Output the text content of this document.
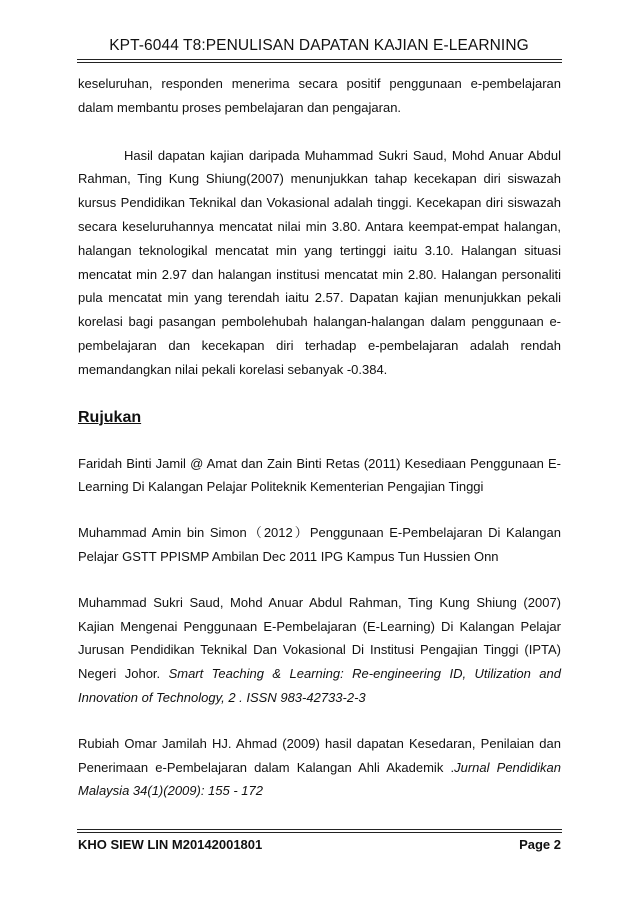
KPT-6044 T8:PENULISAN DAPATAN KAJIAN E-LEARNING

keseluruhan, responden menerima secara positif penggunaan e-pembelajaran dalam membantu proses pembelajaran dan pengajaran.

Hasil dapatan kajian daripada Muhammad Sukri Saud, Mohd Anuar Abdul Rahman, Ting Kung Shiung(2007) menunjukkan tahap kecekapan diri siswazah kursus Pendidikan Teknikal dan Vokasional adalah tinggi. Kecekapan diri siswazah secara keseluruhannya mencatat nilai min 3.80. Antara keempat-empat halangan, halangan teknologikal mencatat min yang tertinggi iaitu 3.10. Halangan situasi mencatat min 2.97 dan halangan institusi mencatat min 2.80. Halangan personaliti pula mencatat min yang terendah iaitu 2.57. Dapatan kajian menunjukkan pekali korelasi bagi pasangan pembolehubah halangan-halangan dalam penggunaan e-pembelajaran dan kecekapan diri terhadap e-pembelajaran adalah rendah memandangkan nilai pekali korelasi sebanyak -0.384.

Rujukan

Faridah Binti Jamil @ Amat dan Zain Binti Retas (2011) Kesediaan Penggunaan E-Learning Di Kalangan Pelajar Politeknik Kementerian Pengajian Tinggi

Muhammad Amin bin Simon（2012）Penggunaan E-Pembelajaran Di Kalangan Pelajar GSTT PPISMP Ambilan Dec 2011 IPG Kampus Tun Hussien Onn

Muhammad Sukri Saud, Mohd Anuar Abdul Rahman, Ting Kung Shiung (2007) Kajian Mengenai Penggunaan E-Pembelajaran (E-Learning) Di Kalangan Pelajar Jurusan Pendidikan Teknikal Dan Vokasional Di Institusi Pengajian Tinggi (IPTA) Negeri Johor. Smart Teaching & Learning: Re-engineering ID, Utilization and Innovation of Technology, 2 . ISSN 983-42733-2-3

Rubiah Omar Jamilah HJ. Ahmad (2009) hasil dapatan Kesedaran, Penilaian dan Penerimaan e-Pembelajaran dalam Kalangan Ahli Akademik .Jurnal Pendidikan Malaysia 34(1)(2009): 155 - 172

KHO SIEW LIN M20142001801	Page 2
